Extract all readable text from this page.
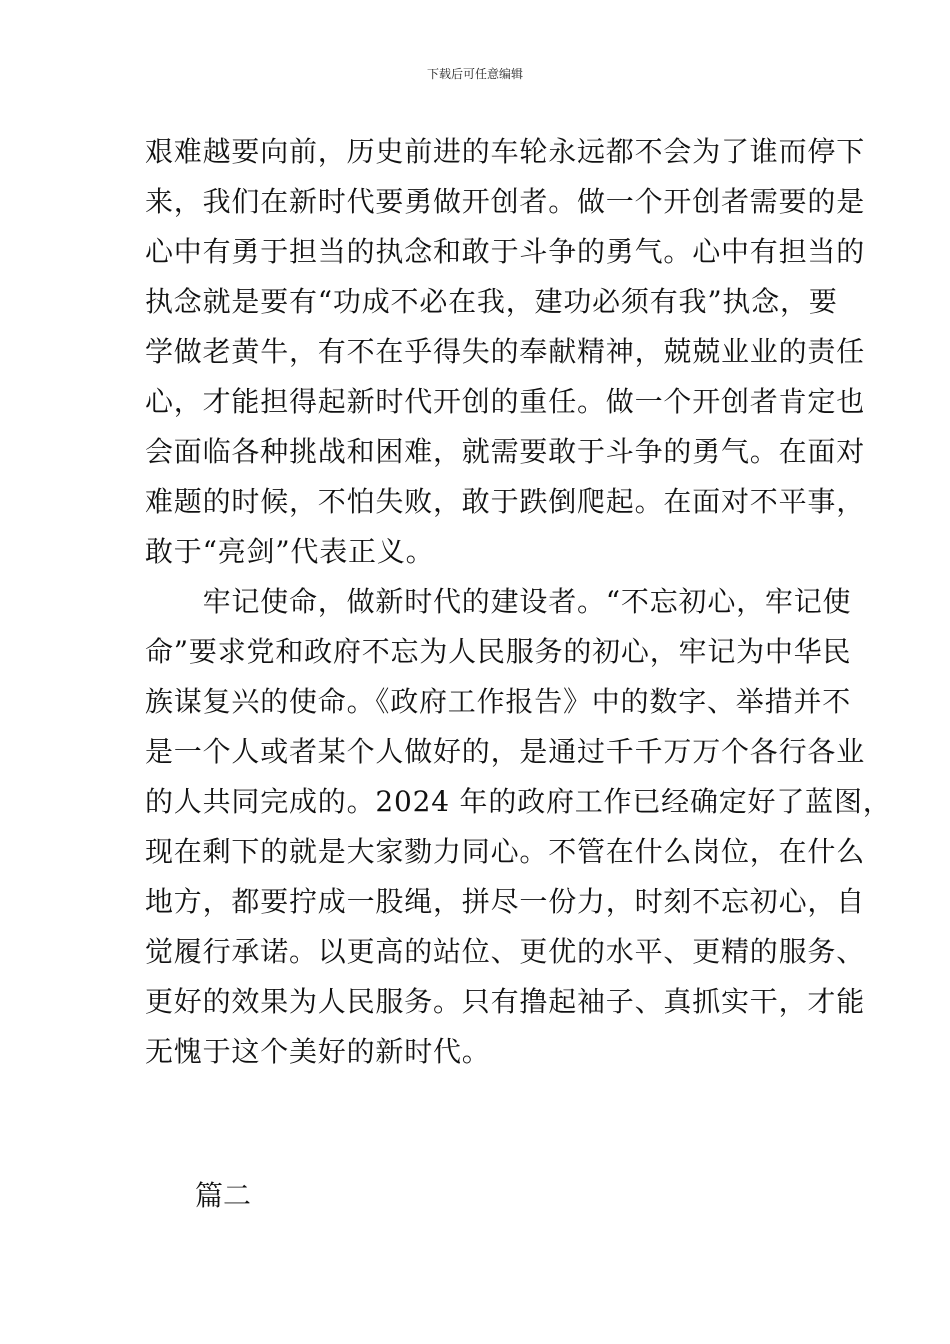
下载后可任意编辑
艰难越要向前，历史前进的车轮永远都不会为了谁而停下
来，我们在新时代要勇做开创者。做一个开创者需要的是
心中有勇于担当的执念和敢于斗争的勇气。心中有担当的
执念就是要有“功成不必在我，建功必须有我”执念，要
学做老黄牛，有不在乎得失的奉献精神，兢兢业业的责任
心，才能担得起新时代开创的重任。做一个开创者肯定也
会面临各种挑战和困难，就需要敢于斗争的勇气。在面对
难题的时候，不怕失败，敢于跌倒爬起。在面对不平事，
敢于“亮剑”代表正义。
　　牢记使命，做新时代的建设者。“不忘初心，牢记使
命”要求党和政府不忘为人民服务的初心，牢记为中华民
族谋复兴的使命。《政府工作报告》中的数字、举措并不
是一个人或者某个人做好的，是通过千千万万个各行各业
的人共同完成的。2024 年的政府工作已经确定好了蓝图，
现在剩下的就是大家勠力同心。不管在什么岗位，在什么
地方，都要拧成一股绳，拼尽一份力，时刻不忘初心，自
觉履行承诺。以更高的站位、更优的水平、更精的服务、
更好的效果为人民服务。只有撸起袖子、真抓实干，才能
无愧于这个美好的新时代。
篇二
